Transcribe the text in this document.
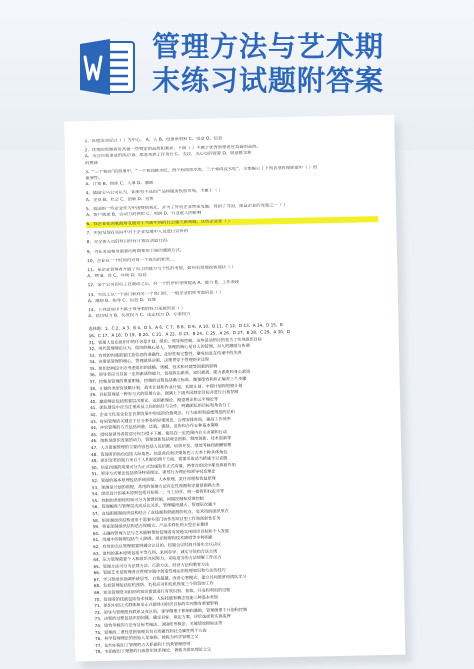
管理方法与艺术期
末练习试题附答案
1、管理活动应以（ ）为中心。 A、人 B、设备原材料 C、资金 D、信息
2、优秀的管理者应具备一些特定的品质和素养，下面（ ）不属于优秀管理者应具备的品质。
A、关注自我事业的成功 B、愿意承担工作责任 C、关注，关心员的需要 D、愿意接受新
的挑战
3、“三个和尚”的故事中，“一个和尚挑水吃，两个和尚抬水吃，三个和尚没水吃”，主要揭示了下列各项管理职能中（ ）的
重要性。
A、计划 B、组织 C、人事 D、激励
4、德国宝马公司认为，如果有不良的产品和服务投放市场，不属于（ ）
A、企业 B、社会 C、创新 D、宣传
5、我国的一些企业作为中国特别领先，并为了外资企业带来发展，得到了为国，保证企业的发展之一（ ）
A、客户需求 B、劳动力的供给 C、利润 D、行业进入的影响
6、我企业在国家政府发展对于当前中国的社会重大新领域，这些企业家（ ）
7、实验发现在实际中对于企业发展中人员进行宣传的
8、对全体人员的有目的有计划活动进行的。
9、当任务是相对重要的时期使用下面的激励方式。
10、企业在一个时间内对每一个成员的职责...
11、某企业管理者开展了员工的能力与个性的考察，如何有效地改善现状（ ）
A、物 B、资 C、环境 D、信息
12、某个公司的员工在调动之后，有一个的评价等级提高 A、能力 B、工作表现
13、当员工从一个部门转到另一个部门时，一般企业组织考虑的是（ ）
A、激励 B、指导 C、信息 D、管理
14、下列选项中不属于领导者的权力来源的是（ ）
A、惩罚权力 B、奖赏权力 C、法定权力 D、专家权力
选择题：1、C 2、A 3、B 4、D 5、A 6、C 7、B 8、D 9、A 10、B 11、C 12、D 13、A 14、D 15、B
16、C 17、A 18、D 19、B 20、C 21、A 22、D 23、B 24、C 25、A 26、D 27、B 28、C 29、A 30、D
31、管理人员在组织中的任务是计划、组织、领导和控制，这些活动的目的是为了实现组织目标
32、现代管理理论认为，组织的核心是人，管理的核心是对人的管理，对人的激励与协调
33、有效的沟通需要注意信息的准确性、及时性和完整性，避免信息在传递中的失真
34、决策是管理的核心，管理就是决策，决策贯穿于管理的全过程
35、组织结构设计应考虑组织的战略、规模、技术和环境等因素的影响
36、领导者应当具备一定的素质和能力，包括政治素质、知识素质、能力素质和身心素质
37、控制是管理的重要职能，控制的过程包括确立标准、衡量绩效和纠正偏差三个步骤
38、计划的类型有战略计划、战术计划和作业计划，长期计划、中期计划和短期计划
39、目标管理是一种参与式的管理方法，强调上下级共同制定目标并进行自我控制
40、激励理论包括需要层次理论、双因素理论、期望理论和公平理论等
41、团队建设中应当注重成员之间的信任与合作，明确团队的目标和角色分工
42、企业文化是企业在长期发展中形成的价值观念、行为准则和道德规范的总和
43、时间管理的关键在于区分事务的轻重缓急，合理安排时间，提高工作效率
44、冲突管理的方式包括回避、迁就、强制、妥协和合作五种基本策略
45、授权是领导者将部分权力授予下属，使其在一定范围内自主决策和行动
46、创新是组织发展的动力，管理创新包括观念创新、制度创新、技术创新等
47、人力资源管理的主要内容包括人员招聘、培训开发、绩效考核和薪酬管理
48、管理者的角色包括人际角色、信息角色和决策角色三大类十种具体角色
49、组织变革的阻力来自个人和组织两个方面，需要采取适当措施予以克服
50、信息沟通的渠道可分为正式沟通和非正式沟通，两者在组织中都发挥着作用
51、领导方式理论包括领导特质理论、领导行为理论和领导权变理论
52、管理的基本原理包括系统原理、人本原理、责任原理和效益原理
53、预测是计划的前提，常用的预测方法有定性预测和定量预测两大类
54、组织设计的基本原则包括目标统一、分工协作、统一指挥和权责对等
55、控制的类型按时间可分为前馈控制、同期控制和反馈控制
56、管理幅度与管理层次成反比关系，管理幅度越大，管理层次越少
57、直线职能制组织结构结合了直线制和职能制的优点，是常用的组织形式
58、矩阵制组织结构适用于需要多部门协作的项目型工作和创新性任务
59、事业部制组织结构适合规模大、产品多样化的大型企业集团
60、正确的管理方法与艺术能够帮助管理者有效地实现组织目标和个人发展
61、沟通中的障碍包括个人障碍、组织障碍和技术障碍等多种因素
62、有效的会议管理需要明确会议目的、控制会议时间并落实会议决议
63、谈判的基本原则包括平等互利、求同存异、诚实守信和合法合规
64、压力管理需要个人和组织共同努力，采取适当的方法缓解工作压力
65、管理方法可分为法律方法、行政方法、经济方法和教育方法
66、管理艺术是管理者在管理实践中创造性地运用管理知识和方法的技巧
67、学习型组织强调系统思考、自我超越、改善心智模式、建立共同愿景和团队学习
68、危机管理包括危机预防、危机应对和危机恢复三个阶段的工作
69、知识管理是对组织的知识资源进行有效识别、获取、开发和利用的过程
70、管理者的技能包括技术技能、人际技能和概念技能三种基本类型
71、组织中的正式群体和非正式群体对组织目标的实现都有重要影响
72、领导与管理既有联系又有区别，领导侧重于影响和激励，管理侧重于计划和控制
73、决策的过程包括识别问题、确定目标、拟定方案、评价选择和实施监督
74、绩效考核的方法有目标考核法、360度考核法、关键绩效指标法等
75、管理的二重性是指管理具有自然属性和社会属性两个方面
76、科学管理理论的创始人是泰勒，被称为科学管理之父
77、法约尔提出了管理的五大职能和十四条管理原则
78、韦伯提出了理想的行政组织体系理论，被称为组织理论之父
